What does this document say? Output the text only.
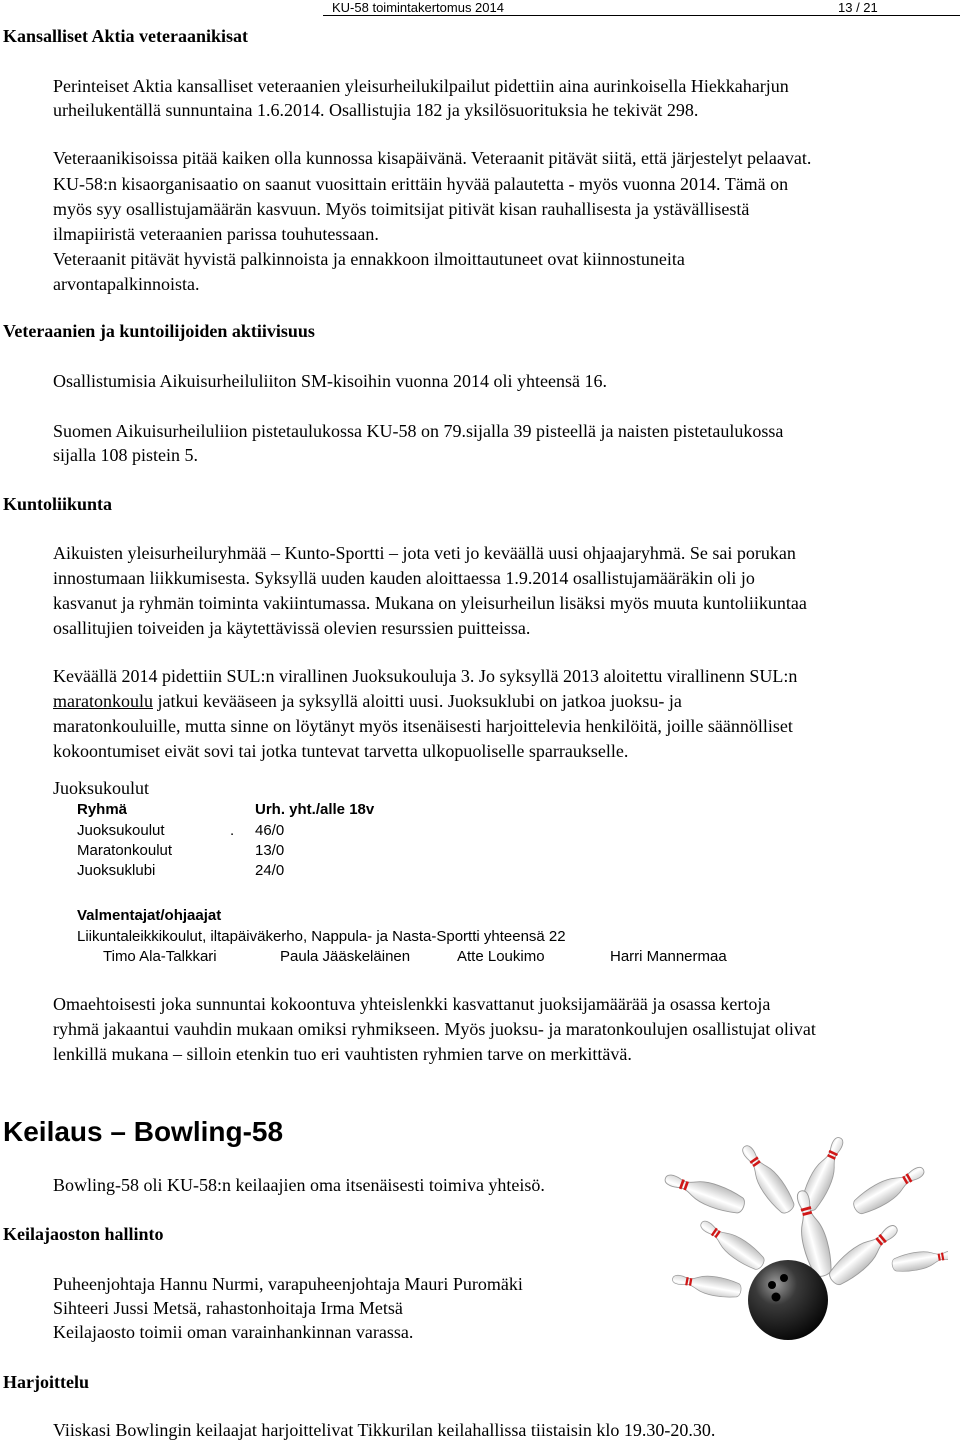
Kansalliset Aktia veteraanikisat
KU-58 toimintakertomus 2014	13 / 21
Perinteiset Aktia kansalliset veteraanien yleisurheilukilpailut pidettiin aina aurinkoisella Hiekkaharjun
urheilukentällä sunnuntaina 1.6.2014. Osallistujia 182 ja yksilösuorituksia he tekivät 298.
Veteraanikisoissa pitää kaiken olla kunnossa kisapäivänä. Veteraanit pitävät siitä, että järjestelyt pelaavat.
KU-58:n kisaorganisaatio on saanut vuosittain erittäin hyvää palautetta - myös vuonna 2014. Tämä on
myös syy osallistujamäärän kasvuun. Myös toimitsijat pitivät kisan rauhallisesta ja ystävällisestä
ilmapiiristä veteraanien parissa touhutessaan.
Veteraanit pitävät hyvistä palkinnoista ja ennakkoon ilmoittautuneet ovat kiinnostuneita
arvontapalkinnoista.
Veteraanien ja kuntoilijoiden aktiivisuus
Osallistumisia Aikuisurheiluliiton SM-kisoihin vuonna 2014 oli yhteensä 16.
Suomen Aikuisurheiluliion pistetaulukossa KU-58 on 79.sijalla 39 pisteellä ja naisten pistetaulukossa
sijalla 108 pistein 5.
Kuntoliikunta
Aikuisten yleisurheiluryhmää – Kunto-Sportti – jota veti jo keväällä uusi ohjaajaryhmä. Se sai porukan
innostumaan liikkumisesta. Syksyllä uuden kauden aloittaessa 1.9.2014 osallistujamääräkin oli jo
kasvanut ja ryhmän toiminta vakiintumassa. Mukana on yleisurheilun lisäksi myös muuta kuntoliikuntaa
osallitujien toiveiden ja käytettävissä olevien resurssien puitteissa.
Keväällä 2014 pidettiin SUL:n virallinen Juoksukouluja 3. Jo syksyllä 2013 aloitettu virallinenn SUL:n
maratonkoulu jatkui kevääseen ja syksyllä aloitti uusi. Juoksuklubi on jatkoa juoksu- ja
maratonkouluille, mutta sinne on löytänyt myös itsenäisesti harjoittelevia henkilöitä, joille säännölliset
kokoontumiset eivät sovi tai jotka tuntevat tarvetta ulkopuoliselle sparraukselle.
Juoksukoulut
Ryhmä	Urh. yht./alle 18v
Juoksukoulut	. 46/0
Maratonkoulut	13/0
Juoksuklubi	24/0
Valmentajat/ohjaajat
Liikuntaleikkikoulut, iltapäiväkerho, Nappula- ja Nasta-Sportti yhteensä 22
Timo Ala-Talkkari	Paula Jääskeläinen	Atte Loukimo	Harri Mannermaa
Omaehtoisesti joka sunnuntai kokoontuva yhteislenkki kasvattanut juoksijamäärää ja osassa kertoja
ryhmä jakaantui vauhdin mukaan omiksi ryhmikseen. Myös juoksu- ja maratonkoulujen osallistujat olivat
lenkillä mukana – silloin etenkin tuo eri vauhtisten ryhmien tarve on merkittävä.
Keilaus – Bowling-58
Bowling-58 oli KU-58:n keilaajien oma itsenäisesti toimiva yhteisö.
Keilajaoston hallinto
Puheenjohtaja Hannu Nurmi, varapuheenjohtaja Mauri Puromäki
Sihteeri Jussi Metsä, rahastonhoitaja Irma Metsä
Keilajaosto toimii oman varainhankinnan varassa.
Harjoittelu
Viiskasi Bowlingin keilaajat harjoittelivat Tikkurilan keilahallissa tiistaisin klo 19.30-20.30.
